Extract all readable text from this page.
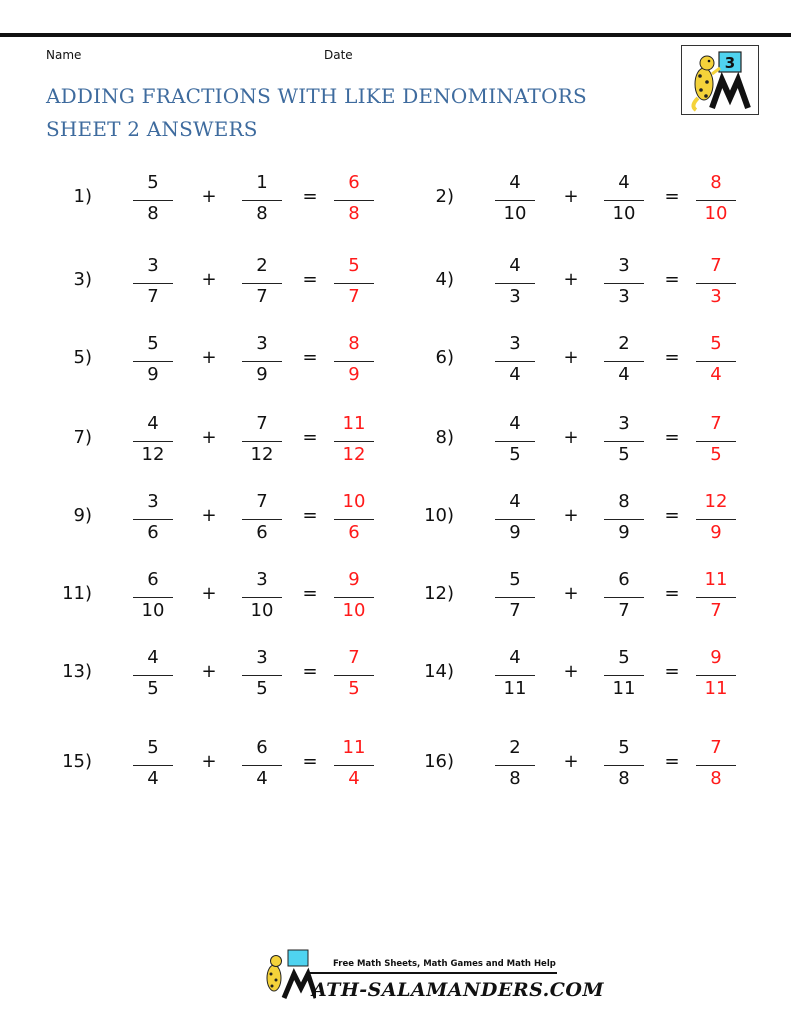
Name	Date
ADDING FRACTIONS WITH LIKE DENOMINATORS
SHEET 2 ANSWERS
3
1)
5
8
+
1
8
=
6
8
2)
4
10
+
4
10
=
8
10
3)
3
7
+
2
7
=
5
7
4)
4
3
+
3
3
=
7
3
5)
5
9
+
3
9
=
8
9
6)
3
4
+
2
4
=
5
4
7)
4
12
+
7
12
=
11
12
8)
4
5
+
3
5
=
7
5
9)
3
6
+
7
6
=
10
6
10)
4
9
+
8
9
=
12
9
11)
6
10
+
3
10
=
9
10
12)
5
7
+
6
7
=
11
7
13)
4
5
+
3
5
=
7
5
14)
4
11
+
5
11
=
9
11
15)
5
4
+
6
4
=
11
4
16)
2
8
+
5
8
=
7
8
Free Math Sheets, Math Games and Math Help
ATH-SALAMANDERS.COM
